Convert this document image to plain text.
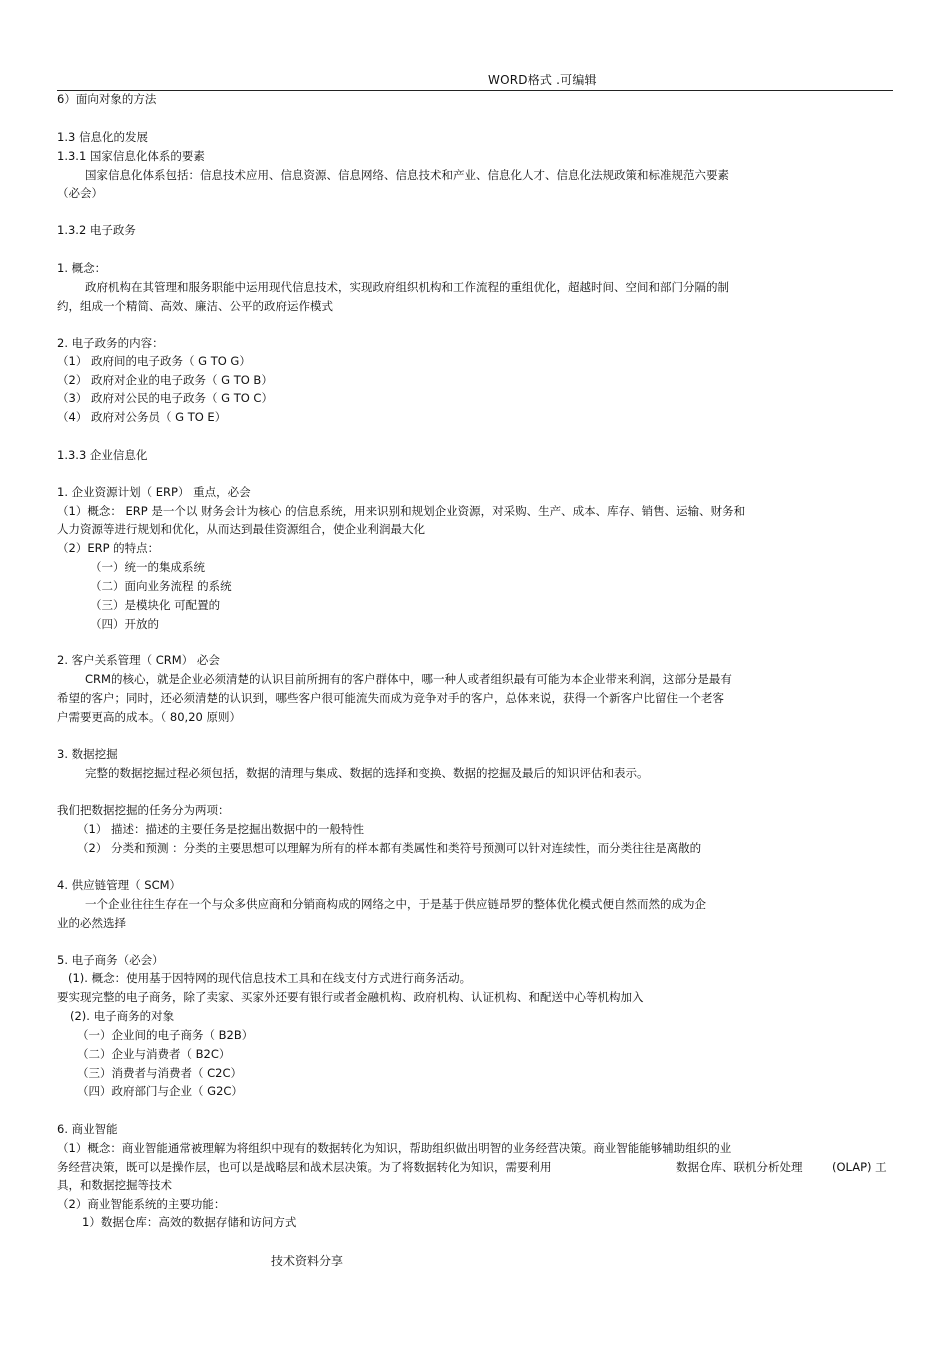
WORD格式 .可编辑
6）面向对象的方法
1.3 信息化的发展
1.3.1 国家信息化体系的要素
国家信息化体系包括：信息技术应用、信息资源、信息网络、信息技术和产业、信息化人才、信息化法规政策和标准规范六要素
（必会）
1.3.2 电子政务
1. 概念：
政府机构在其管理和服务职能中运用现代信息技术，实现政府组织机构和工作流程的重组优化，超越时间、空间和部门分隔的制
约，组成一个精简、高效、廉洁、公平的政府运作模式
2. 电子政务的内容：
（1） 政府间的电子政务（ G TO G）
（2） 政府对企业的电子政务（ G TO B）
（3） 政府对公民的电子政务（ G TO C）
（4） 政府对公务员（ G TO E）
1.3.3 企业信息化
1. 企业资源计划（ ERP） 重点，必会
（1）概念： ERP 是一个以 财务会计为核心 的信息系统，用来识别和规划企业资源，对采购、生产、成本、库存、销售、运输、财务和
人力资源等进行规划和优化，从而达到最佳资源组合，使企业利润最大化
（2）ERP 的特点：
（一）统一的集成系统
（二）面向业务流程 的系统
（三）是模块化 可配置的
（四）开放的
2. 客户关系管理（ CRM） 必会
CRM的核心，就是企业必须清楚的认识目前所拥有的客户群体中，哪一种人或者组织最有可能为本企业带来利润，这部分是最有
希望的客户；同时，还必须清楚的认识到，哪些客户很可能流失而成为竞争对手的客户，总体来说，获得一个新客户比留住一个老客
户需要更高的成本。（ 80,20 原则）
3. 数据挖掘
完整的数据挖掘过程必须包括，数据的清理与集成、数据的选择和变换、数据的挖掘及最后的知识评估和表示。
我们把数据挖掘的任务分为两项：
（1） 描述：描述的主要任务是挖掘出数据中的一般特性
（2） 分类和预测 ：分类的主要思想可以理解为所有的样本都有类属性和类符号预测可以针对连续性，而分类往往是离散的
4. 供应链管理（ SCM）
一个企业往往生存在一个与众多供应商和分销商构成的网络之中，于是基于供应链昂罗的整体优化模式便自然而然的成为企
业的必然选择
5. 电子商务（必会）
(1). 概念：使用基于因特网的现代信息技术工具和在线支付方式进行商务活动。
要实现完整的电子商务，除了卖家、买家外还要有银行或者金融机构、政府机构、认证机构、和配送中心等机构加入
(2). 电子商务的对象
（一）企业间的电子商务（ B2B）
（二）企业与消费者（ B2C）
（三）消费者与消费者（ C2C）
（四）政府部门与企业（ G2C）
6. 商业智能
（1）概念：商业智能通常被理解为将组织中现有的数据转化为知识，帮助组织做出明智的业务经营决策。商业智能能够辅助组织的业
务经营决策，既可以是操作层，也可以是战略层和战术层决策。为了将数据转化为知识，需要利用	数据仓库、联机分析处理	(OLAP) 工
具，和数据挖掘等技术
（2）商业智能系统的主要功能：
1）数据仓库：高效的数据存储和访问方式
技术资料分享
